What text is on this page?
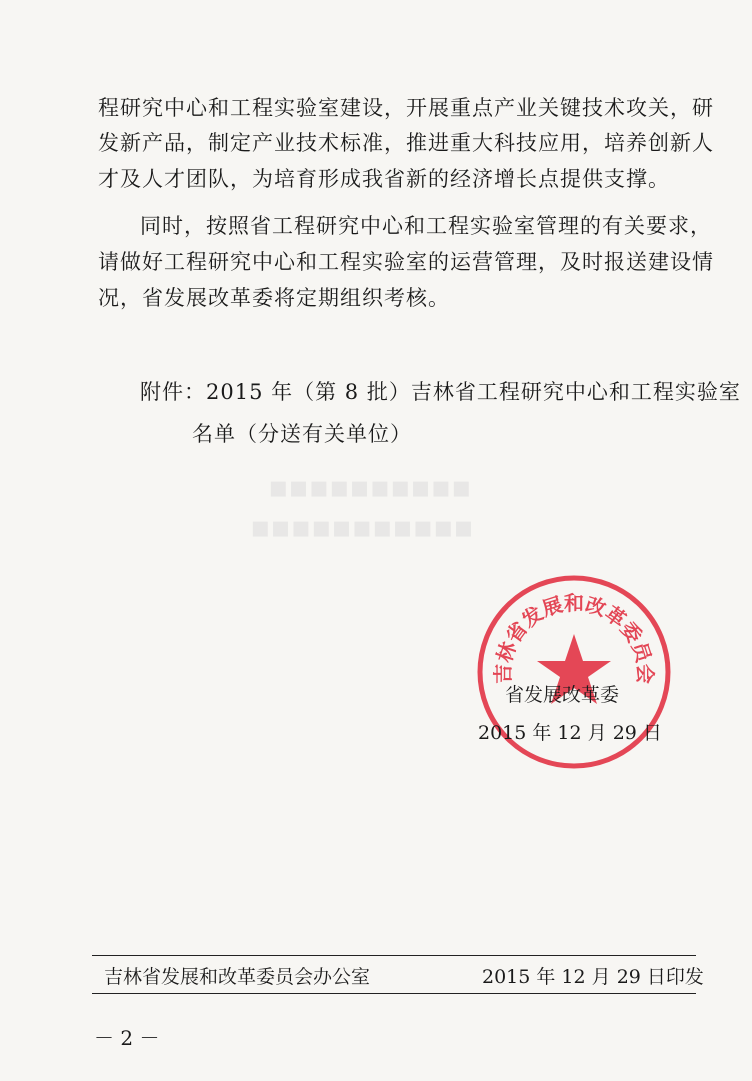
▪▪▪▪▪▪▪▪▪▪
▪▪▪▪▪▪▪▪▪▪▪
程研究中心和工程实验室建设，开展重点产业关键技术攻关，研
发新产品，制定产业技术标准，推进重大科技应用，培养创新人
才及人才团队，为培育形成我省新的经济增长点提供支撑。
同时，按照省工程研究中心和工程实验室管理的有关要求，
请做好工程研究中心和工程实验室的运营管理，及时报送建设情
况，省发展改革委将定期组织考核。
附件：2015 年（第 8 批）吉林省工程研究中心和工程实验室
名单（分送有关单位）
吉林省发展和改革委员会
省发展改革委
2015 年 12 月 29 日
吉林省发展和改革委员会办公室	2015 年 12 月 29 日印发
－ 2 －
